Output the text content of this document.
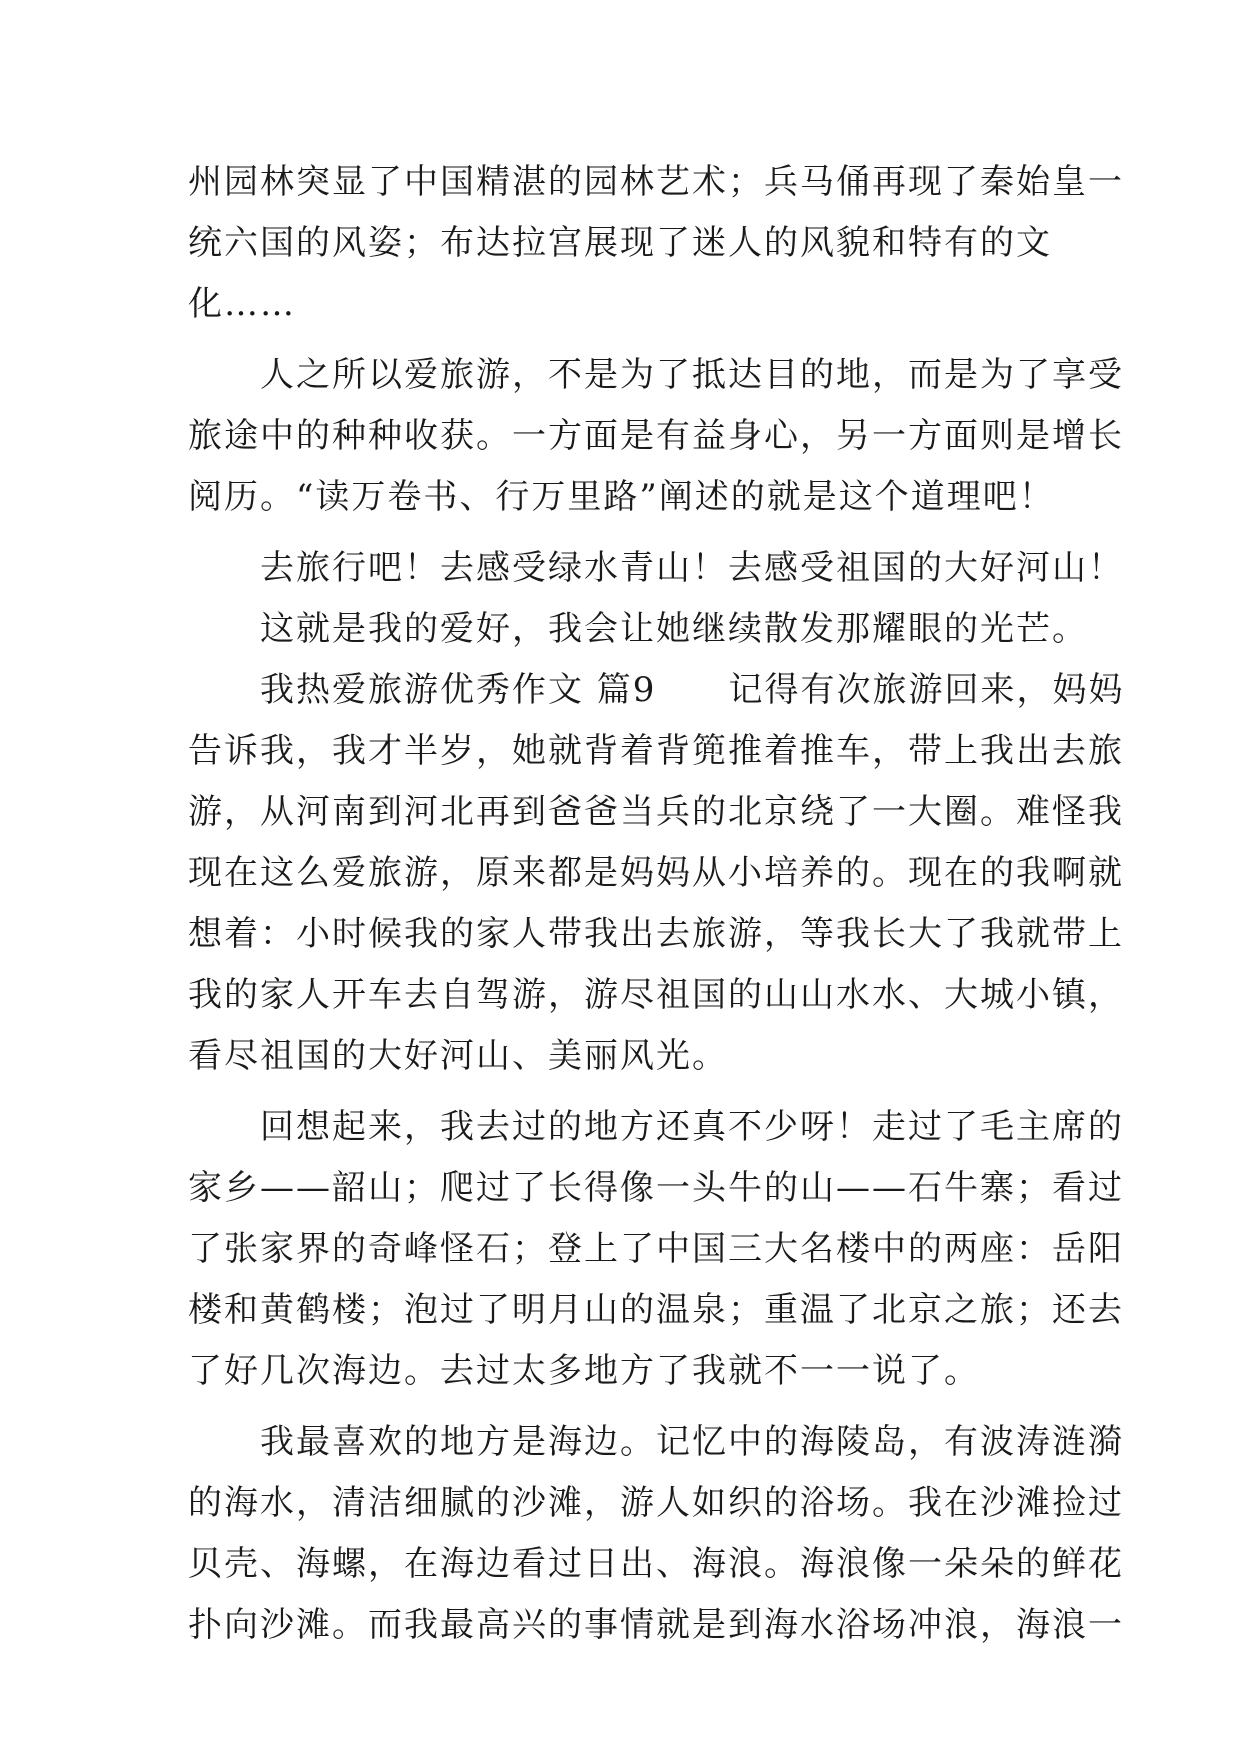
州园林突显了中国精湛的园林艺术；兵马俑再现了秦始皇一
统六国的风姿；布达拉宫展现了迷人的风貌和特有的文
化……
　　人之所以爱旅游，不是为了抵达目的地，而是为了享受
旅途中的种种收获。一方面是有益身心，另一方面则是增长
阅历。“读万卷书、行万里路”阐述的就是这个道理吧！
　　去旅行吧！去感受绿水青山！去感受祖国的大好河山！
　　这就是我的爱好，我会让她继续散发那耀眼的光芒。
　　我热爱旅游优秀作文 篇9　　记得有次旅游回来，妈妈
告诉我，我才半岁，她就背着背篼推着推车，带上我出去旅
游，从河南到河北再到爸爸当兵的北京绕了一大圈。难怪我
现在这么爱旅游，原来都是妈妈从小培养的。现在的我啊就
想着：小时候我的家人带我出去旅游，等我长大了我就带上
我的家人开车去自驾游，游尽祖国的山山水水、大城小镇，
看尽祖国的大好河山、美丽风光。
　　回想起来，我去过的地方还真不少呀！走过了毛主席的
家乡——韶山；爬过了长得像一头牛的山——石牛寨；看过
了张家界的奇峰怪石；登上了中国三大名楼中的两座：岳阳
楼和黄鹤楼；泡过了明月山的温泉；重温了北京之旅；还去
了好几次海边。去过太多地方了我就不一一说了。
　　我最喜欢的地方是海边。记忆中的海陵岛，有波涛涟漪
的海水，清洁细腻的沙滩，游人如织的浴场。我在沙滩捡过
贝壳、海螺，在海边看过日出、海浪。海浪像一朵朵的鲜花
扑向沙滩。而我最高兴的事情就是到海水浴场冲浪，海浪一
